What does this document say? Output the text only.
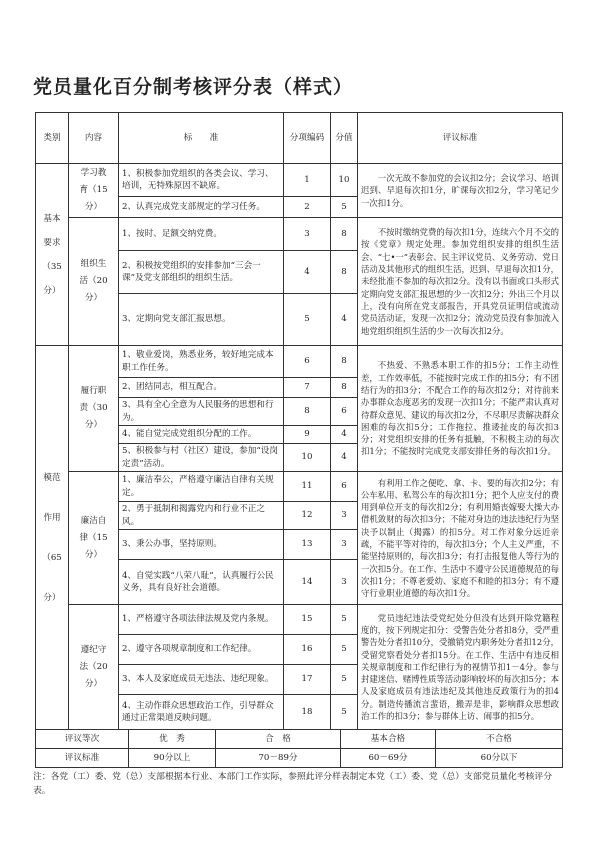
党员量化百分制考核评分表（样式）
类别	内容	标　　准	分项编码	分值	评议标准
基本要求（35分）	学习教育（15分）	1、积极参加党组织的各类会议、学习、培训，无特殊原因不缺席。	1	10	一次无故不参加党的会议扣2分；会议学习、培训迟到、早退每次扣1分，旷课每次扣2分，学习笔记少一次扣1分。
		2、认真完成党支部规定的学习任务。	2	5	
	组织生活（20分）	1、按时、足额交纳党费。	3	8	不按时缴纳党费的每次扣1分，连续六个月不交的按《党章》规定处理。参加党组织安排的组织生活会、“七•一”表彰会、民主评议党员、义务劳动、党日活动及其他形式的组织生活，迟到、早退每次扣1分，未经批准不参加的每次扣2分。没有以书面或口头形式定期向党支部汇报思想的少一次扣2分；外出三个月以上，没有向所在党支部报告，开具党员证明信或流动党员活动证，发现一次扣2分；流动党员没有参加流入地党组织组织生活的少一次每次扣2分。
		2、积极按党组织的安排参加“三会一课”及党支部组织的组织生活。	4	8	
		3、定期向党支部汇报思想。	5	4	
模范作用（65分）	履行职责（30分）	1、敬业爱岗，熟悉业务，较好地完成本职工作任务。	6	8	不热爱、不熟悉本职工作的扣5分；工作主动性差，工作效率低，不能按时完成工作的扣5分；有不团结行为的扣3分；不配合工作的每次扣2分；对待前来办事群众态度恶劣的发现一次扣1分；不能严肃认真对待群众意见、建议的每次扣2分，不尽职尽责解决群众困难的每次扣5分；工作拖拉、推诿扯皮的每次扣3分；对党组织安排的任务有抵触，不积极主动的每次扣1分；不能按时完成党支部安排任务的每次扣1分。
		2、团结同志，相互配合。	7	8	
		3、具有全心全意为人民服务的思想和行为。	8	6	
		4、能自觉完成党组织分配的工作。	9	4	
		5、积极参与村（社区）建设，参加“设岗定责”活动。	10	4	
	廉洁自律（15分）	1、廉洁奉公，严格遵守廉洁自律有关规定。	11	6	有利用工作之便吃、拿、卡、要的每次扣2分；有公车私用、私驾公车的每次扣1分；把个人应支付的费用到单位开支的每次扣2分；有利用婚丧嫁娶大操大办借机敛财的每次扣3分；不能对身边的违法违纪行为坚决予以制止（揭露）的扣5分。对工作对象分远近亲疏，不能平等对待的，每次扣3分；个人主义严重，不能坚持原则的，每次扣3分；有打击报复他人等行为的一次扣5分。在工作、生活中不遵守公民道德规范的每次扣1分；不尊老爱幼、家庭不和睦的扣3分；有不遵守行业职业道德的每次扣1分。
		2、勇于抵制和揭露党内和行业不正之风。	12	3	
		3、秉公办事，坚持原则。	13	3	
		4、自觉实践“八荣八耻”，认真履行公民义务，具有良好社会道德。	14	3	
	遵纪守法（20分）	1、严格遵守各项法律法规及党内条规。	15	5	党员违纪违法受党纪处分但没有达到开除党籍程度的，按下列规定扣分：受警告处分者扣8分，受严重警告处分者扣10分，受撤销党内职务处分者扣12分，受留党察看处分者扣15分。在工作、生活中有违反相关规章制度和工作纪律行为的视情节扣1－4分。参与封建迷信、赌博性质等活动影响较坏的每次扣5分；本人及家庭成员有违法违纪及其他违反政策行为的扣4分。制造传播流言蜚语，搬弄是非，影响群众思想政治工作的扣3分；参与群体上访、闹事的扣5分。
		2、遵守各项规章制度和工作纪律。	16	5	
		3、本人及家庭成员无违法、违纪现象。	17	5	
		4、主动作群众思想政治工作，引导群众通过正常渠道反映问题。	18	5	
评议等次	优　秀	合　格	基本合格	不合格
评议标准	90分以上	70－89分	60－69分	60分以下
注：各党（工）委、党（总）支部根据本行业、本部门工作实际，参照此评分样表制定本党（工）委、党（总）支部党员量化考核评分表。
